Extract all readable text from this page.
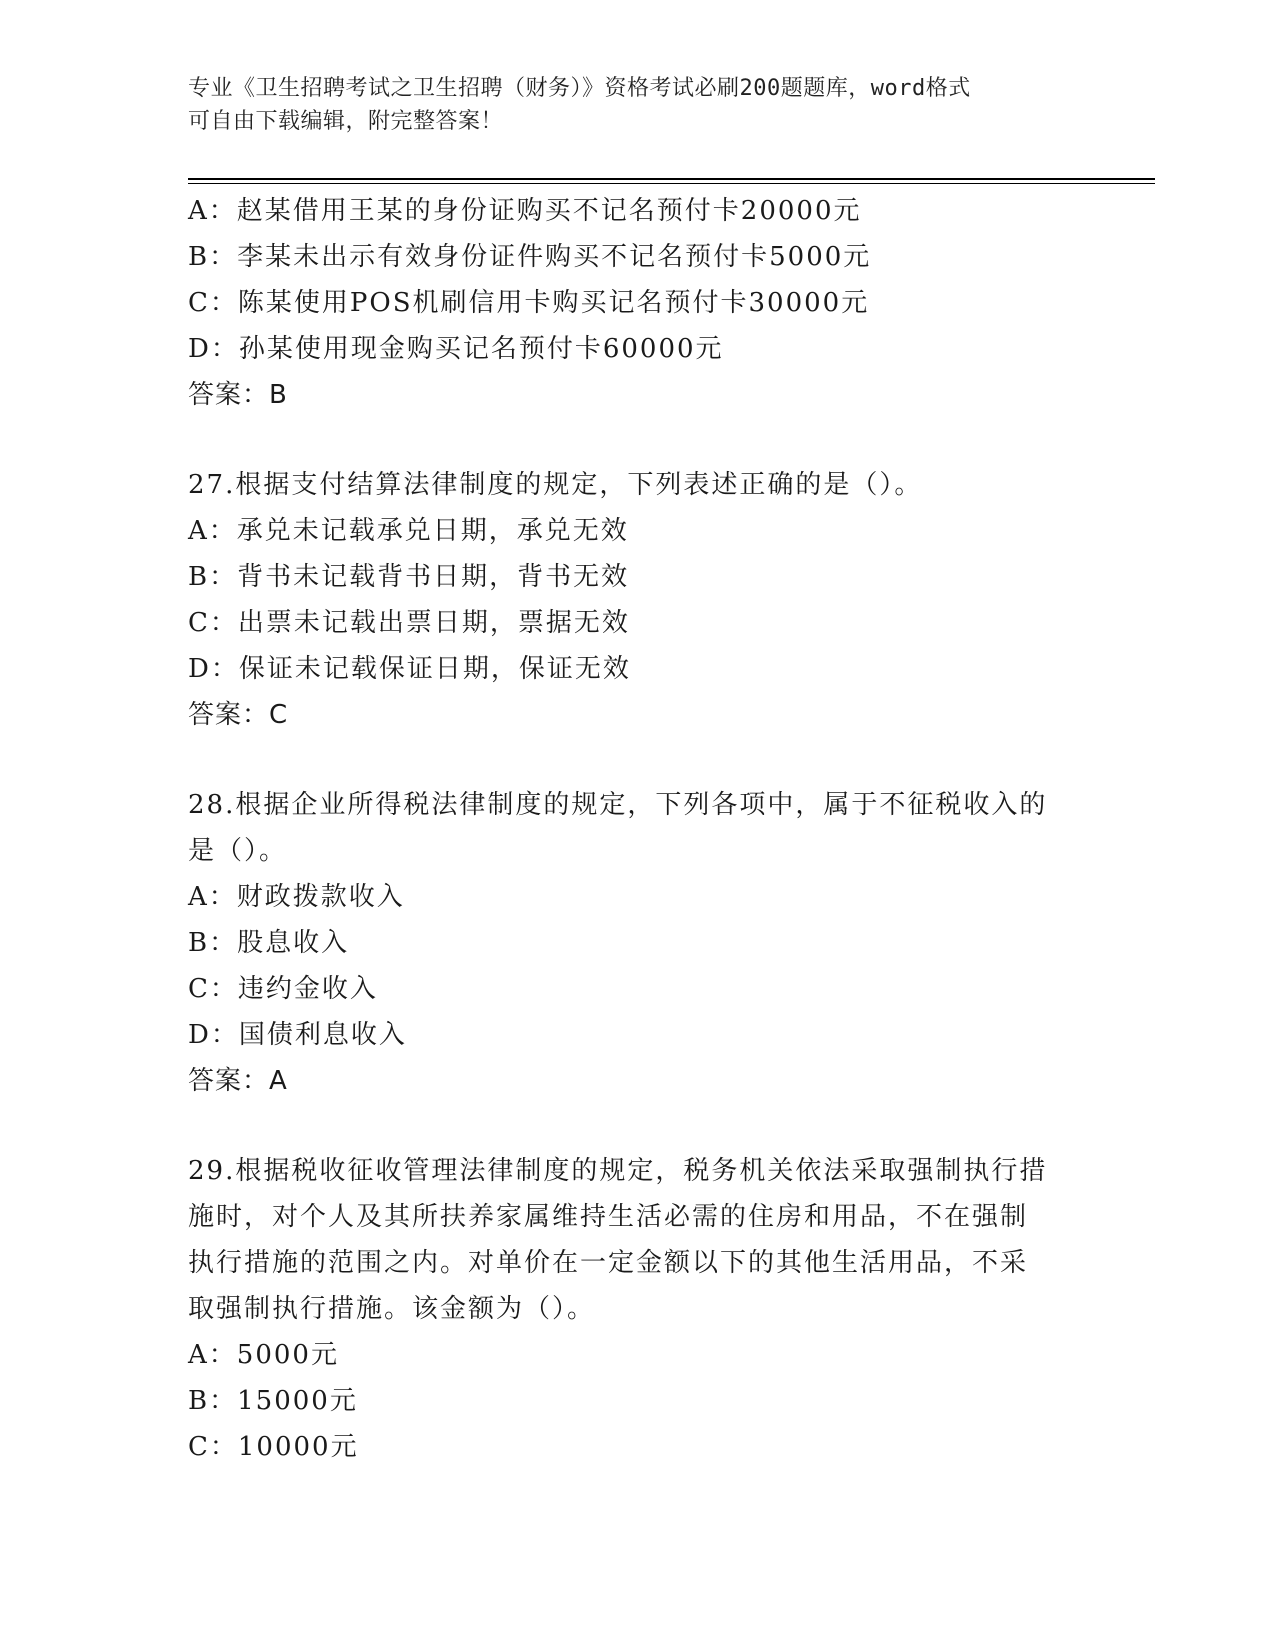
专业《卫生招聘考试之卫生招聘（财务）》资格考试必刷200题题库，word格式
可自由下载编辑，附完整答案！
A：赵某借用王某的身份证购买不记名预付卡20000元
B：李某未出示有效身份证件购买不记名预付卡5000元
C：陈某使用POS机刷信用卡购买记名预付卡30000元
D：孙某使用现金购买记名预付卡60000元
答案：B
27.根据支付结算法律制度的规定，下列表述正确的是（）。
A：承兑未记载承兑日期，承兑无效
B：背书未记载背书日期，背书无效
C：出票未记载出票日期，票据无效
D：保证未记载保证日期，保证无效
答案：C
28.根据企业所得税法律制度的规定，下列各项中，属于不征税收入的
是（）。
A：财政拨款收入
B：股息收入
C：违约金收入
D：国债利息收入
答案：A
29.根据税收征收管理法律制度的规定，税务机关依法采取强制执行措
施时，对个人及其所扶养家属维持生活必需的住房和用品，不在强制
执行措施的范围之内。对单价在一定金额以下的其他生活用品，不采
取强制执行措施。该金额为（）。
A：5000元
B：15000元
C：10000元
